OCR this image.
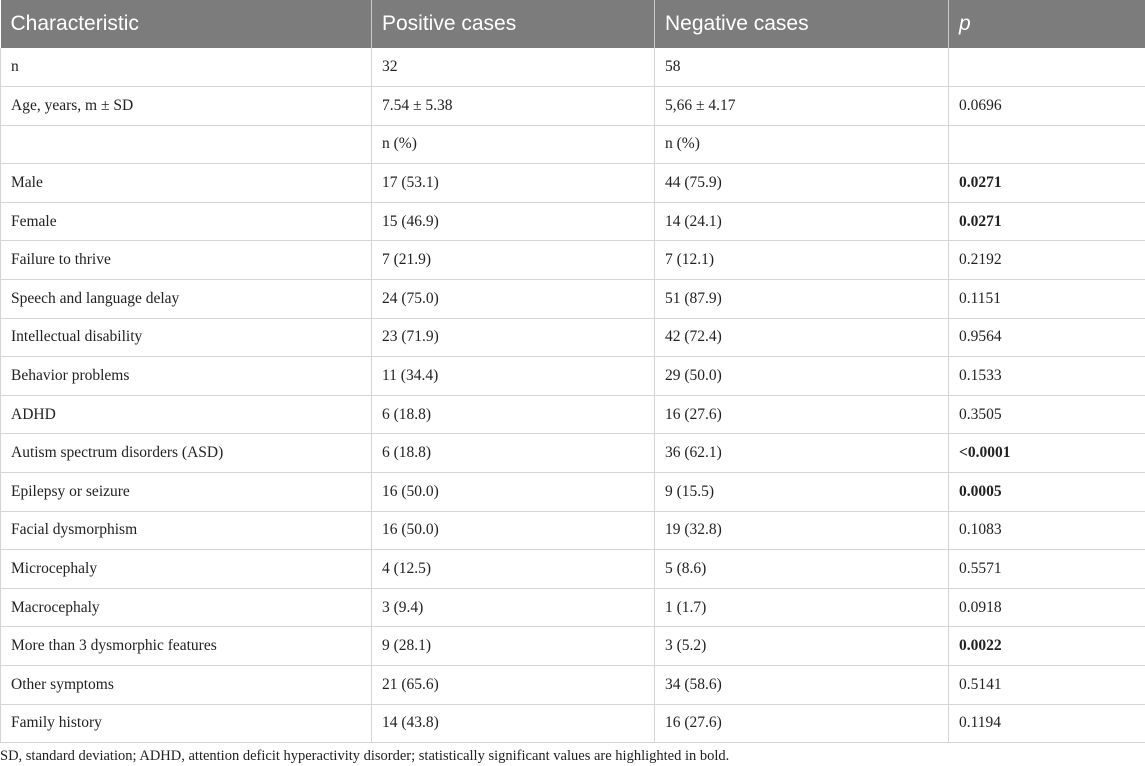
Characteristic	Positive cases	Negative cases	p
n	32	58	
Age, years, m ± SD	7.54 ± 5.38	5,66 ± 4.17	0.0696
	n (%)	n (%)	
Male	17 (53.1)	44 (75.9)	0.0271
Female	15 (46.9)	14 (24.1)	0.0271
Failure to thrive	7 (21.9)	7 (12.1)	0.2192
Speech and language delay	24 (75.0)	51 (87.9)	0.1151
Intellectual disability	23 (71.9)	42 (72.4)	0.9564
Behavior problems	11 (34.4)	29 (50.0)	0.1533
ADHD	6 (18.8)	16 (27.6)	0.3505
Autism spectrum disorders (ASD)	6 (18.8)	36 (62.1)	<0.0001
Epilepsy or seizure	16 (50.0)	9 (15.5)	0.0005
Facial dysmorphism	16 (50.0)	19 (32.8)	0.1083
Microcephaly	4 (12.5)	5 (8.6)	0.5571
Macrocephaly	3 (9.4)	1 (1.7)	0.0918
More than 3 dysmorphic features	9 (28.1)	3 (5.2)	0.0022
Other symptoms	21 (65.6)	34 (58.6)	0.5141
Family history	14 (43.8)	16 (27.6)	0.1194
SD, standard deviation; ADHD, attention deficit hyperactivity disorder; statistically significant values are highlighted in bold.
